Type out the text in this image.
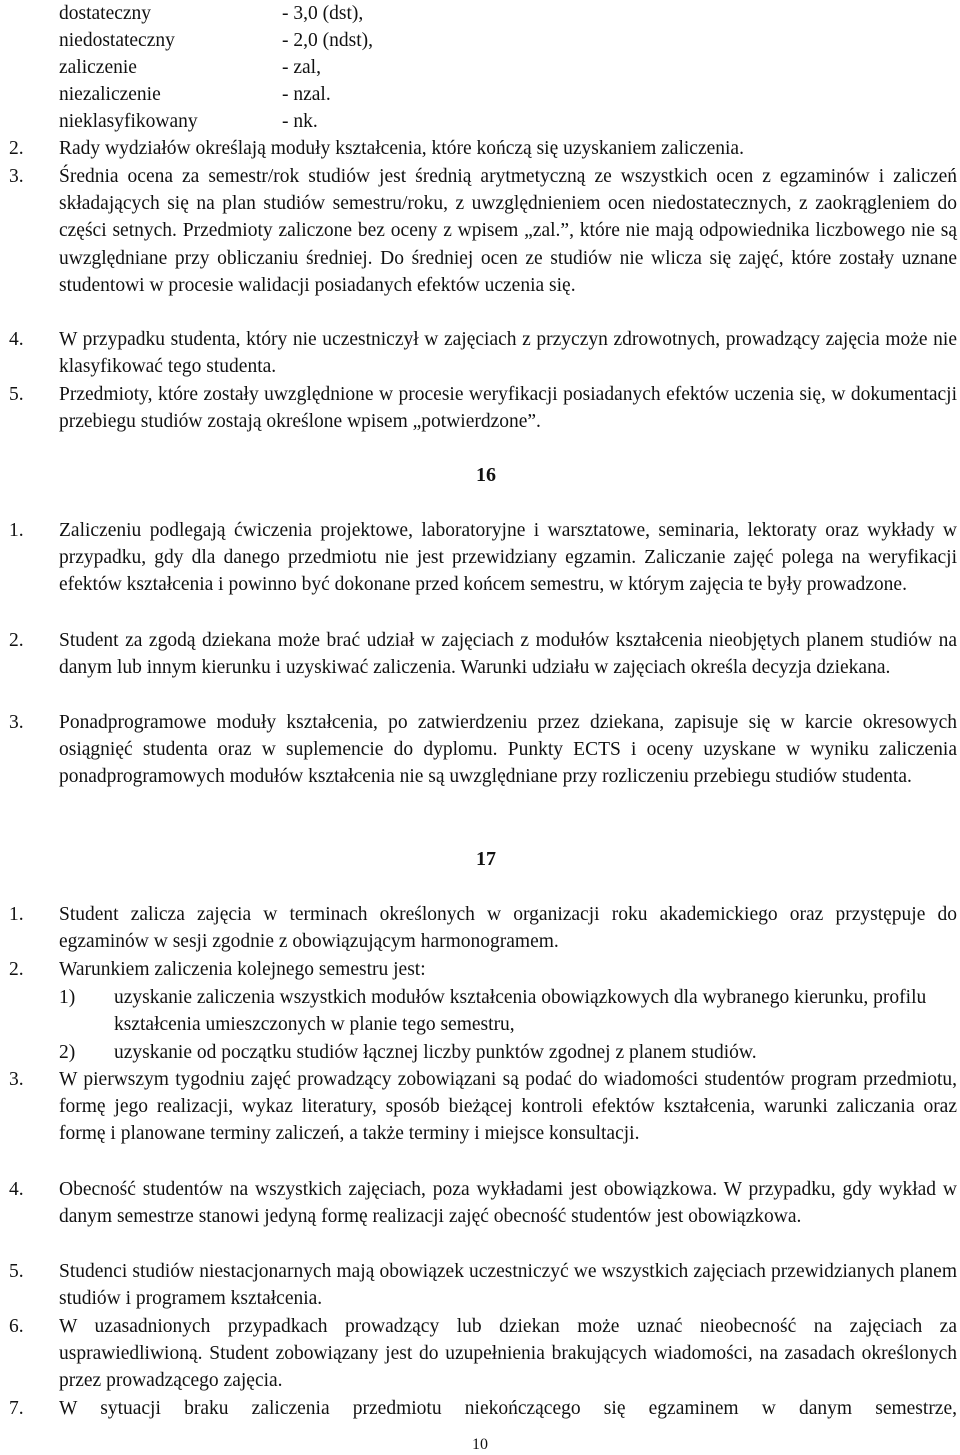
dostateczny	- 3,0 (dst),
niedostateczny	- 2,0 (ndst),
zaliczenie	- zal,
niezaliczenie	- nzal.
nieklasyfikowany	- nk.
2. Rady wydziałów określają moduły kształcenia, które kończą się uzyskaniem zaliczenia.
3. Średnia ocena za semestr/rok studiów jest średnią arytmetyczną ze wszystkich ocen z egzaminów i zaliczeń składających się na plan studiów semestru/roku, z uwzględnieniem ocen niedostatecznych, z zaokrągleniem do części setnych. Przedmioty zaliczone bez oceny z wpisem „zal.”, które nie mają odpowiednika liczbowego nie są uwzględniane przy obliczaniu średniej. Do średniej ocen ze studiów nie wlicza się zajęć, które zostały uznane studentowi w procesie walidacji posiadanych efektów uczenia się.
4. W przypadku studenta, który nie uczestniczył w zajęciach z przyczyn zdrowotnych, prowadzący zajęcia może nie klasyfikować tego studenta.
5. Przedmioty, które zostały uwzględnione w procesie weryfikacji posiadanych efektów uczenia się, w dokumentacji przebiegu studiów zostają określone wpisem „potwierdzone”.
16
1. Zaliczeniu podlegają ćwiczenia projektowe, laboratoryjne i warsztatowe, seminaria, lektoraty oraz wykłady w przypadku, gdy dla danego przedmiotu nie jest przewidziany egzamin. Zaliczanie zajęć polega na weryfikacji efektów kształcenia i powinno być dokonane przed końcem semestru, w którym zajęcia te były prowadzone.
2. Student za zgodą dziekana może brać udział w zajęciach z modułów kształcenia nieobjętych planem studiów na danym lub innym kierunku i uzyskiwać zaliczenia. Warunki udziału w zajęciach określa decyzja dziekana.
3. Ponadprogramowe moduły kształcenia, po zatwierdzeniu przez dziekana, zapisuje się w karcie okresowych osiągnięć studenta oraz w suplemencie do dyplomu. Punkty ECTS i oceny uzyskane w wyniku zaliczenia ponadprogramowych modułów kształcenia nie są uwzględniane przy rozliczeniu przebiegu studiów studenta.
17
1. Student zalicza zajęcia w terminach określonych w organizacji roku akademickiego oraz przystępuje do egzaminów w sesji zgodnie z obowiązującym harmonogramem.
2. Warunkiem zaliczenia kolejnego semestru jest:
1) uzyskanie zaliczenia wszystkich modułów kształcenia obowiązkowych dla wybranego kierunku, profilu kształcenia umieszczonych w planie tego semestru,
2) uzyskanie od początku studiów łącznej liczby punktów zgodnej z planem studiów.
3. W pierwszym tygodniu zajęć prowadzący zobowiązani są podać do wiadomości studentów program przedmiotu, formę jego realizacji, wykaz literatury, sposób bieżącej kontroli efektów kształcenia, warunki zaliczania oraz formę i planowane terminy zaliczeń, a także terminy i miejsce konsultacji.
4. Obecność studentów na wszystkich zajęciach, poza wykładami jest obowiązkowa. W przypadku, gdy wykład w danym semestrze stanowi jedyną formę realizacji zajęć obecność studentów jest obowiązkowa.
5. Studenci studiów niestacjonarnych mają obowiązek uczestniczyć we wszystkich zajęciach przewidzianych planem studiów i programem kształcenia.
6. W uzasadnionych przypadkach prowadzący lub dziekan może uznać nieobecność na zajęciach za usprawiedliwioną. Student zobowiązany jest do uzupełnienia brakujących wiadomości, na zasadach określonych przez prowadzącego zajęcia.
7. W sytuacji braku zaliczenia przedmiotu niekończącego się egzaminem w danym semestrze,
10
